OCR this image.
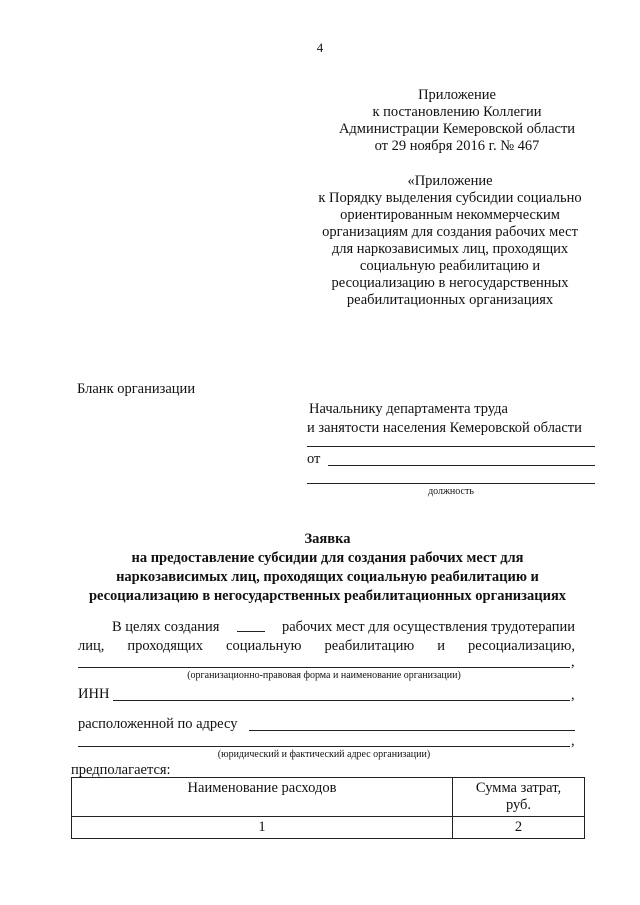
4
Приложение
к постановлению Коллегии
Администрации Кемеровской области
от 29 ноября 2016 г. № 467
«Приложение
к Порядку выделения субсидии социально
ориентированным некоммерческим
организациям для создания рабочих мест
для наркозависимых лиц, проходящих
социальную реабилитацию и
ресоциализацию в негосударственных
реабилитационных организациях
Бланк организации
Начальнику департамента труда
и занятости населения Кемеровской области
от
должность
Заявка
на предоставление субсидии для создания рабочих мест для
наркозависимых лиц, проходящих социальную реабилитацию и
ресоциализацию в негосударственных реабилитационных организациях
В целях создания	рабочих мест для осуществления трудотерапии
лиц, проходящих социальную реабилитацию и ресоциализацию,
,
(организационно-правовая форма и наименование организации)
ИНН	,
расположенной по адресу
,
(юридический и фактический адрес организации)
предполагается:
Наименование расходов	Сумма затрат,
руб.
1	2
